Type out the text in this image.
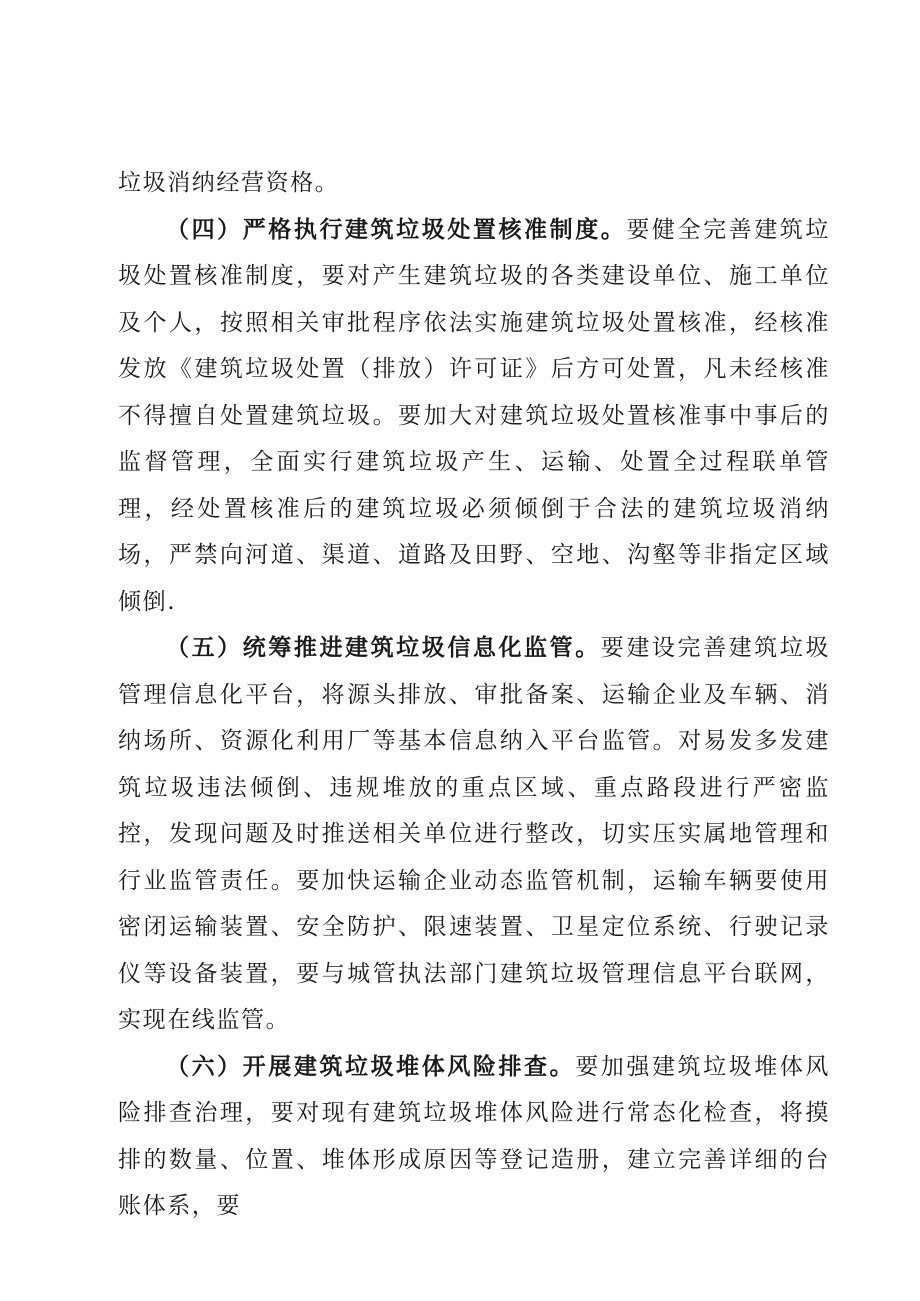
垃圾消纳经营资格。

（四）严格执行建筑垃圾处置核准制度。要健全完善建筑垃圾处置核准制度，要对产生建筑垃圾的各类建设单位、施工单位及个人，按照相关审批程序依法实施建筑垃圾处置核准，经核准发放《建筑垃圾处置（排放）许可证》后方可处置，凡未经核准不得擅自处置建筑垃圾。要加大对建筑垃圾处置核准事中事后的监督管理，全面实行建筑垃圾产生、运输、处置全过程联单管理，经处置核准后的建筑垃圾必须倾倒于合法的建筑垃圾消纳场，严禁向河道、渠道、道路及田野、空地、沟壑等非指定区域倾倒.

（五）统筹推进建筑垃圾信息化监管。要建设完善建筑垃圾管理信息化平台，将源头排放、审批备案、运输企业及车辆、消纳场所、资源化利用厂等基本信息纳入平台监管。对易发多发建筑垃圾违法倾倒、违规堆放的重点区域、重点路段进行严密监控，发现问题及时推送相关单位进行整改，切实压实属地管理和行业监管责任。要加快运输企业动态监管机制，运输车辆要使用密闭运输装置、安全防护、限速装置、卫星定位系统、行驶记录仪等设备装置，要与城管执法部门建筑垃圾管理信息平台联网，实现在线监管。

（六）开展建筑垃圾堆体风险排查。要加强建筑垃圾堆体风险排查治理，要对现有建筑垃圾堆体风险进行常态化检查，将摸排的数量、位置、堆体形成原因等登记造册，建立完善详细的台账体系，要
